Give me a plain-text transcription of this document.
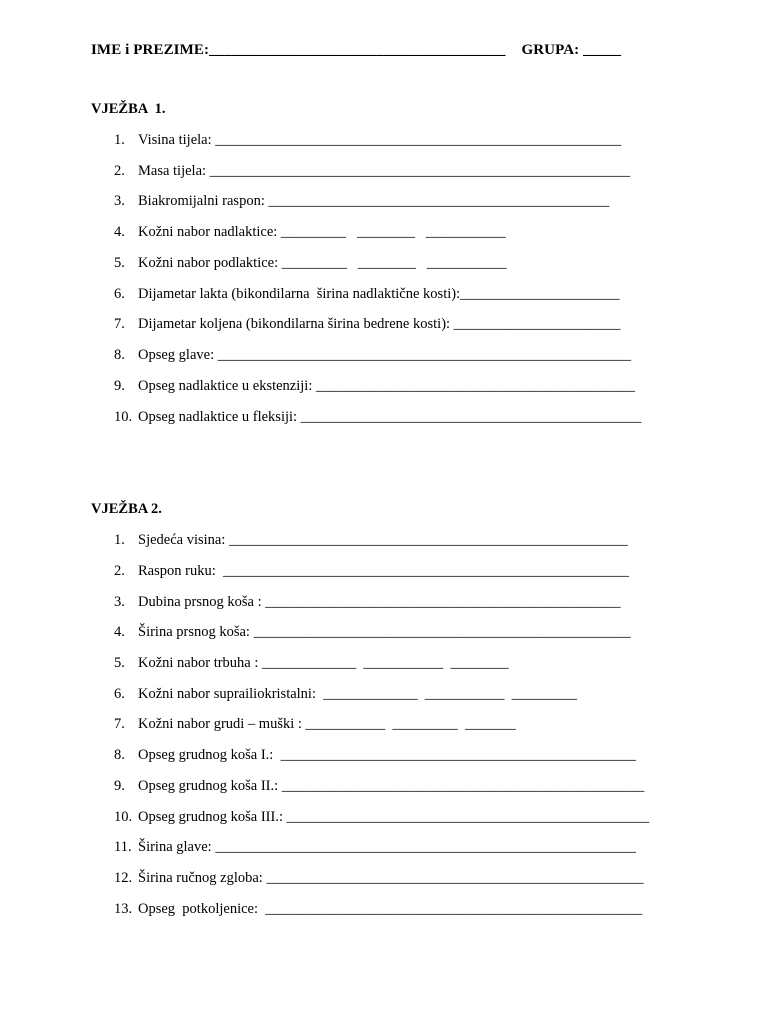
IME i PREZIME:_______________________________________ GRUPA: _____
VJEŽBA  1.
1. Visina tijela: ________________________________________________________
2. Masa tijela: __________________________________________________________
3. Biakromijalni raspon: _______________________________________________
4. Kožni nabor nadlaktice: _________   ________   ___________
5. Kožni nabor podlaktice: _________   ________   ___________
6. Dijametar lakta (bikondilarna  širina nadlaktične kosti):______________________
7. Dijametar koljena (bikondilarna širina bedrene kosti): _______________________
8. Opseg glave: _________________________________________________________
9. Opseg nadlaktice u ekstenziji: ____________________________________________
10. Opseg nadlaktice u fleksiji: _______________________________________________
VJEŽBA 2.
1. Sjedeća visina: _______________________________________________________
2. Raspon ruku:  ________________________________________________________
3. Dubina prsnog koša : _________________________________________________
4. Širina prsnog koša: ____________________________________________________
5. Kožni nabor trbuha : _____________  ___________  ________
6. Kožni nabor suprailiokristalni:  _____________  ___________  _________
7. Kožni nabor grudi – muški : ___________  _________  _______
8. Opseg grudnog koša I.:  _________________________________________________
9. Opseg grudnog koša II.: __________________________________________________
10. Opseg grudnog koša III.: __________________________________________________
11. Širina glave: __________________________________________________________
12. Širina ručnog zgloba: ____________________________________________________
13. Opseg  potkoljenice:  ____________________________________________________
